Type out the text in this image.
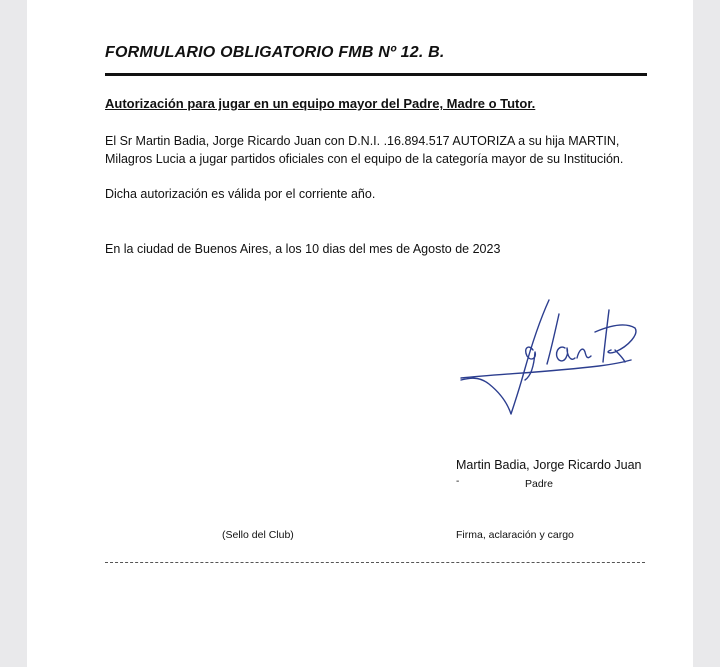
FORMULARIO OBLIGATORIO FMB Nº 12. B.
Autorización para jugar en un equipo mayor del Padre, Madre o Tutor.
El Sr Martin Badia, Jorge Ricardo Juan con D.N.I. .16.894.517 AUTORIZA a su hija MARTIN, Milagros Lucia a jugar partidos oficiales con el equipo de la categoría mayor de su Institución.
Dicha autorización es válida por el corriente año.
En la ciudad de Buenos Aires, a los 10 dias del mes de Agosto de 2023
Martin Badia, Jorge Ricardo Juan
-	Padre
(Sello del Club)	Firma, aclaración y cargo
